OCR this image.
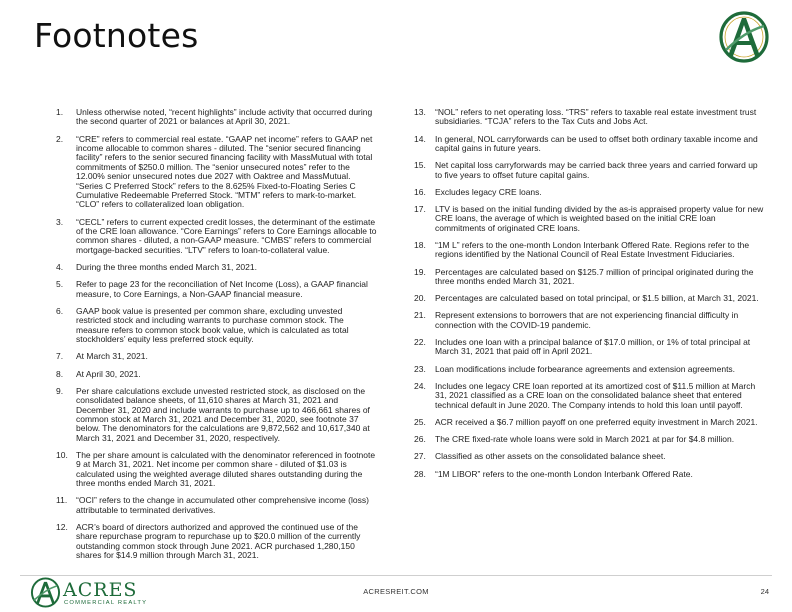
Footnotes
1. Unless otherwise noted, “recent highlights” include activity that occurred during the second quarter of 2021 or balances at April 30, 2021.
2. “CRE” refers to commercial real estate. “GAAP net income” refers to GAAP net income allocable to common shares - diluted. The “senior secured financing facility” refers to the senior secured financing facility with MassMutual with total commitments of $250.0 million. The “senior unsecured notes” refer to the 12.00% senior unsecured notes due 2027 with Oaktree and MassMutual. “Series C Preferred Stock” refers to the 8.625% Fixed-to-Floating Series C Cumulative Redeemable Preferred Stock. “MTM” refers to mark-to-market. “CLO” refers to collateralized loan obligation.
3. “CECL” refers to current expected credit losses, the determinant of the estimate of the CRE loan allowance. “Core Earnings” refers to Core Earnings allocable to common shares - diluted, a non-GAAP measure. “CMBS” refers to commercial mortgage-backed securities. “LTV” refers to loan-to-collateral value.
4. During the three months ended March 31, 2021.
5. Refer to page 23 for the reconciliation of Net Income (Loss), a GAAP financial measure, to Core Earnings, a Non-GAAP financial measure.
6. GAAP book value is presented per common share, excluding unvested restricted stock and including warrants to purchase common stock. The measure refers to common stock book value, which is calculated as total stockholders’ equity less preferred stock equity.
7. At March 31, 2021.
8. At April 30, 2021.
9. Per share calculations exclude unvested restricted stock, as disclosed on the consolidated balance sheets, of 11,610 shares at March 31, 2021 and December 31, 2020 and include warrants to purchase up to 466,661 shares of common stock at March 31, 2021 and December 31, 2020, see footnote 37 below. The denominators for the calculations are 9,872,562 and 10,617,340 at March 31, 2021 and December 31, 2020, respectively.
10. The per share amount is calculated with the denominator referenced in footnote 9 at March 31, 2021. Net income per common share - diluted of $1.03 is calculated using the weighted average diluted shares outstanding during the three months ended March 31, 2021.
11. “OCI” refers to the change in accumulated other comprehensive income (loss) attributable to terminated derivatives.
12. ACR’s board of directors authorized and approved the continued use of the share repurchase program to repurchase up to $20.0 million of the currently outstanding common stock through June 2021. ACR purchased 1,280,150 shares for $14.9 million through March 31, 2021.
13. “NOL” refers to net operating loss. “TRS” refers to taxable real estate investment trust subsidiaries. “TCJA” refers to the Tax Cuts and Jobs Act.
14. In general, NOL carryforwards can be used to offset both ordinary taxable income and capital gains in future years.
15. Net capital loss carryforwards may be carried back three years and carried forward up to five years to offset future capital gains.
16. Excludes legacy CRE loans.
17. LTV is based on the initial funding divided by the as-is appraised property value for new CRE loans, the average of which is weighted based on the initial CRE loan commitments of originated CRE loans.
18. “1M L” refers to the one-month London Interbank Offered Rate. Regions refer to the regions identified by the National Council of Real Estate Investment Fiduciaries.
19. Percentages are calculated based on $125.7 million of principal originated during the three months ended March 31, 2021.
20. Percentages are calculated based on total principal, or $1.5 billion, at March 31, 2021.
21. Represent extensions to borrowers that are not experiencing financial difficulty in connection with the COVID-19 pandemic.
22. Includes one loan with a principal balance of $17.0 million, or 1% of total principal at March 31, 2021 that paid off in April 2021.
23. Loan modifications include forbearance agreements and extension agreements.
24. Includes one legacy CRE loan reported at its amortized cost of $11.5 million at March 31, 2021 classified as a CRE loan on the consolidated balance sheet that entered technical default in June 2020. The Company intends to hold this loan until payoff.
25. ACR received a $6.7 million payoff on one preferred equity investment in March 2021.
26. The CRE fixed-rate whole loans were sold in March 2021 at par for $4.8 million.
27. Classified as other assets on the consolidated balance sheet.
28. “1M LIBOR” refers to the one-month London Interbank Offered Rate.
ACRES
COMMERCIAL REALTY
ACRESREIT.COM	24
